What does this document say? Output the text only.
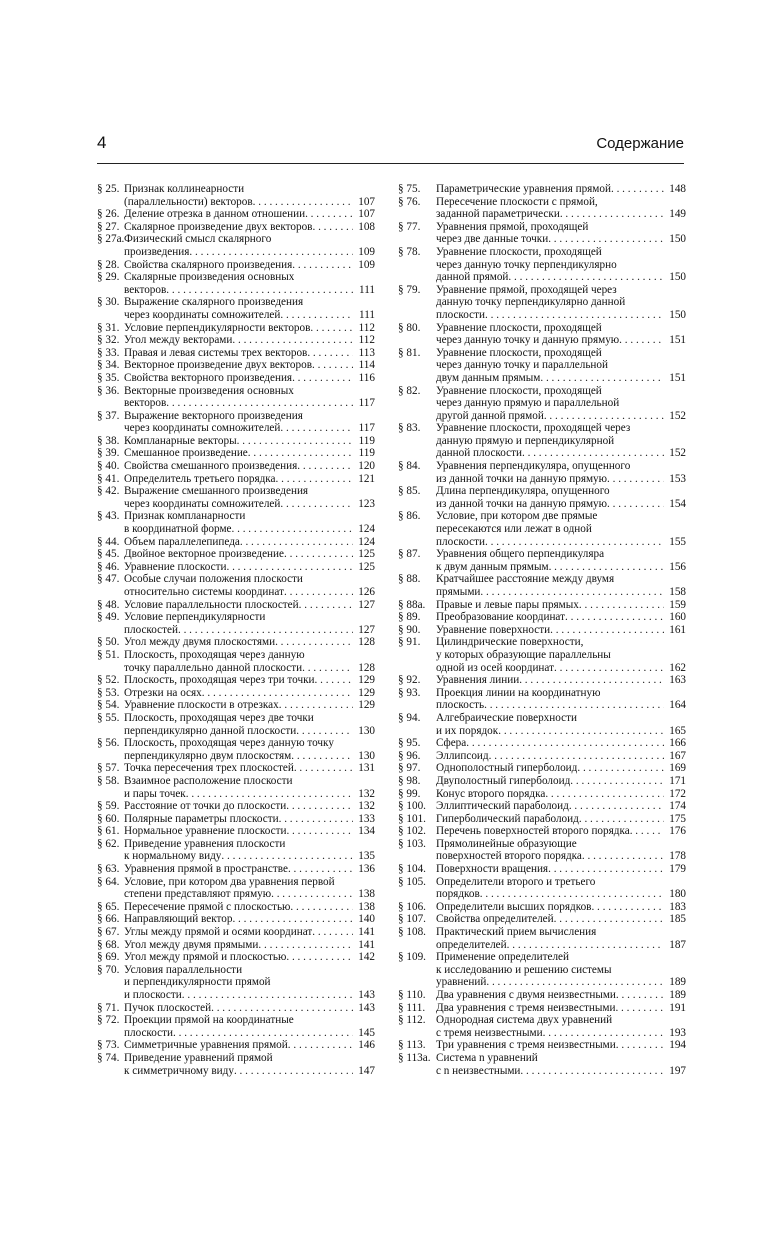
4	Содержание
§ 25. Признак коллинеарности
(параллельности) векторов . . .	107
§ 26. Деление отрезка в данном отношении . . .	107
§ 27. Скалярное произведение двух векторов . . .	108
§ 27a. Физический смысл скалярного
произведения . . .	109
§ 28. Свойства скалярного произведения . . .	109
§ 29. Скалярные произведения основных
векторов . . .	111
§ 30. Выражение скалярного произведения
через координаты сомножителей . . .	111
§ 31. Условие перпендикулярности векторов . . .	112
§ 32. Угол между векторами . . .	112
§ 33. Правая и левая системы трех векторов . . .	113
§ 34. Векторное произведение двух векторов . . .	114
§ 35. Свойства векторного произведения . . .	116
§ 36. Векторные произведения основных
векторов . . .	117
§ 37. Выражение векторного произведения
через координаты сомножителей . . .	117
§ 38. Компланарные векторы . . .	119
§ 39. Смешанное произведение . . .	119
§ 40. Свойства смешанного произведения . . .	120
§ 41. Определитель третьего порядка . . .	121
§ 42. Выражение смешанного произведения
через координаты сомножителей . . .	123
§ 43. Признак компланарности
в координатной форме . . .	124
§ 44. Объем параллелепипеда . . .	124
§ 45. Двойное векторное произведение . . .	125
§ 46. Уравнение плоскости . . .	125
§ 47. Особые случаи положения плоскости
относительно системы координат . . .	126
§ 48. Условие параллельности плоскостей . . .	127
§ 49. Условие перпендикулярности
плоскостей . . .	127
§ 50. Угол между двумя плоскостями . . .	128
§ 51. Плоскость, проходящая через данную
точку параллельно данной плоскости . . .	128
§ 52. Плоскость, проходящая через три точки . . .	129
§ 53. Отрезки на осях . . .	129
§ 54. Уравнение плоскости в отрезках . . .	129
§ 55. Плоскость, проходящая через две точки
перпендикулярно данной плоскости . . .	130
§ 56. Плоскость, проходящая через данную точку
перпендикулярно двум плоскостям . . .	130
§ 57. Точка пересечения трех плоскостей . . .	131
§ 58. Взаимное расположение плоскости
и пары точек . . .	132
§ 59. Расстояние от точки до плоскости . . .	132
§ 60. Полярные параметры плоскости . . .	133
§ 61. Нормальное уравнение плоскости . . .	134
§ 62. Приведение уравнения плоскости
к нормальному виду . . .	135
§ 63. Уравнения прямой в пространстве . . .	136
§ 64. Условие, при котором два уравнения первой
степени представляют прямую . . .	138
§ 65. Пересечение прямой с плоскостью . . .	138
§ 66. Направляющий вектор . . .	140
§ 67. Углы между прямой и осями координат . . .	141
§ 68. Угол между двумя прямыми . . .	141
§ 69. Угол между прямой и плоскостью . . .	142
§ 70. Условия параллельности
и перпендикулярности прямой
и плоскости . . .	143
§ 71. Пучок плоскостей . . .	143
§ 72. Проекции прямой на координатные
плоскости . . .	145
§ 73. Симметричные уравнения прямой . . .	146
§ 74. Приведение уравнений прямой
к симметричному виду . . .	147
§ 75.	Параметрические уравнения прямой . . .	148
§ 76.	Пересечение плоскости с прямой,
заданной параметрически . . .	149
§ 77.	Уравнения прямой, проходящей
через две данные точки . . .	150
§ 78.	Уравнение плоскости, проходящей
через данную точку перпендикулярно
данной прямой . . .	150
§ 79.	Уравнение прямой, проходящей через
данную точку перпендикулярно данной
плоскости . . .	150
§ 80.	Уравнение плоскости, проходящей
через данную точку и данную прямую . . .	151
§ 81.	Уравнение плоскости, проходящей
через данную точку и параллельной
двум данным прямым . . .	151
§ 82.	Уравнение плоскости, проходящей
через данную прямую и параллельной
другой данной прямой . . .	152
§ 83.	Уравнение плоскости, проходящей через
данную прямую и перпендикулярной
данной плоскости . . .	152
§ 84.	Уравнения перпендикуляра, опущенного
из данной точки на данную прямую . . .	153
§ 85.	Длина перпендикуляра, опущенного
из данной точки на данную прямую . . .	154
§ 86.	Условие, при котором две прямые
пересекаются или лежат в одной
плоскости . . .	155
§ 87.	Уравнения общего перпендикуляра
к двум данным прямым . . .	156
§ 88.	Кратчайшее расстояние между двумя
прямыми . . .	158
§ 88a. Правые и левые пары прямых . . .	159
§ 89.	Преобразование координат . . .	160
§ 90.	Уравнение поверхности . . .	161
§ 91.	Цилиндрические поверхности,
у которых образующие параллельны
одной из осей координат . . .	162
§ 92.	Уравнения линии . . .	163
§ 93.	Проекция линии на координатную
плоскость . . .	164
§ 94.	Алгебраические поверхности
и их порядок . . .	165
§ 95.	Сфера . . .	166
§ 96.	Эллипсоид . . .	167
§ 97.	Однополостный гиперболоид . . .	169
§ 98.	Двуполостный гиперболоид . . .	171
§ 99.	Конус второго порядка . . .	172
§ 100. Эллиптический параболоид . . .	174
§ 101. Гиперболический параболоид . . .	175
§ 102. Перечень поверхностей второго порядка . . .	176
§ 103. Прямолинейные образующие
поверхностей второго порядка . . .	178
§ 104. Поверхности вращения . . .	179
§ 105. Определители второго и третьего
порядков . . .	180
§ 106. Определители высших порядков . . .	183
§ 107. Свойства определителей . . .	185
§ 108. Практический прием вычисления
определителей . . .	187
§ 109. Применение определителей
к исследованию и решению системы
уравнений . . .	189
§ 110. Два уравнения с двумя неизвестными . . .	189
§ 111. Два уравнения с тремя неизвестными . . .	191
§ 112. Однородная система двух уравнений
с тремя неизвестными . . .	193
§ 113. Три уравнения с тремя неизвестными . . .	194
§ 113a. Система n уравнений
с n неизвестными . . .	197
